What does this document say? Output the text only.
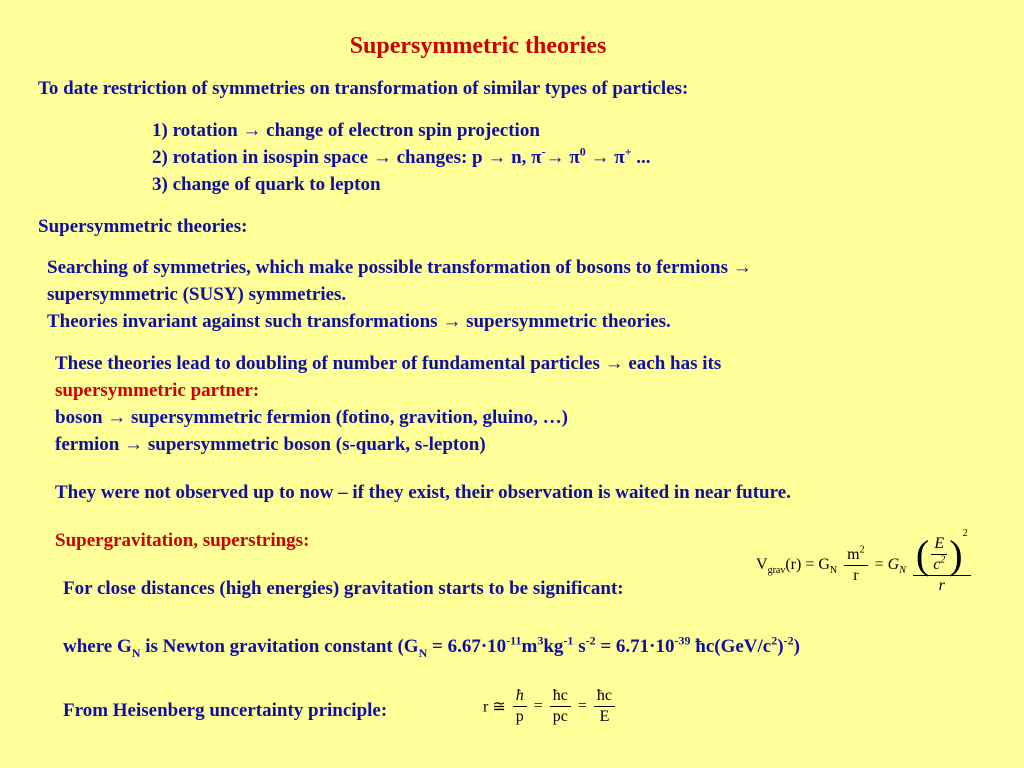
Supersymmetric theories
To date restriction of symmetries on transformation of similar types of particles:
1) rotation → change of electron spin projection
2) rotation in isospin space → changes: p → n, $\pi^-\to \pi^0 \to \pi^+$ ...
3) change of quark to lepton
Supersymmetric theories:
Searching of symmetries, which make possible transformation of bosons to fermions →
supersymmetric (SUSY) symmetries.
Theories invariant against such transformations → supersymmetric theories.
These theories lead to doubling of number of fundamental particles → each has its
supersymmetric partner:
boson → supersymmetric fermion (fotino, gravition, gluino, …)
fermion → supersymmetric boson (s-quark, s-lepton)
They were not observed up to now – if they exist, their observation is waited in near future.
Supergravitation, superstrings:
For close distances (high energies) gravitation starts to be significant:
$V_{grav}(r) = G_N \frac{m^2}{r} = G_N \frac{( \frac{E}{c^2} ) 2}{r}$
where $G_N$ is Newton gravitation constant ($G_N = 6.67\cdot 10^{-11}m^3kg^{-1}$ $s^{-2} = 6.71\cdot 10^{-39}$ $ħc(GeV/c^2)^{-2}$)
From Heisenberg uncertainty principle:	r ≅ $\frac{ħ}{p} = \frac{ħc}{pc} = \frac{ħc}{E}$
